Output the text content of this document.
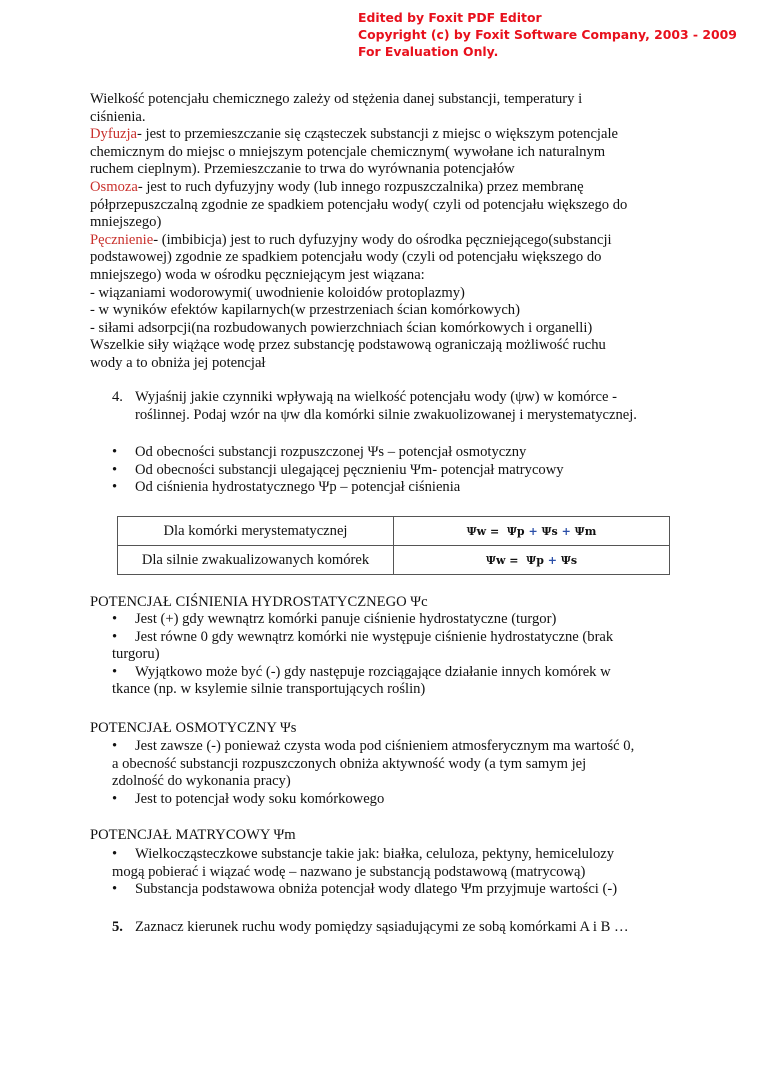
Edited by Foxit PDF Editor
Copyright (c) by Foxit Software Company, 2003 - 2009
For Evaluation Only.
Wielkość potencjału chemicznego zależy od stężenia danej substancji, temperatury i
ciśnienia.
Dyfuzja- jest to przemieszczanie się cząsteczek substancji z miejsc o większym potencjale
chemicznym do miejsc o mniejszym potencjale chemicznym( wywołane ich naturalnym
ruchem cieplnym). Przemieszczanie to trwa do wyrównania potencjałów
Osmoza- jest to ruch dyfuzyjny wody (lub innego rozpuszczalnika) przez membranę
półprzepuszczalną zgodnie ze spadkiem potencjału wody( czyli od potencjału większego do
mniejszego)
Pęcznienie- (imbibicja) jest to ruch dyfuzyjny wody do ośrodka pęczniejącego(substancji
podstawowej) zgodnie ze spadkiem potencjału wody (czyli od potencjału większego do
mniejszego) woda w ośrodku pęczniejącym jest wiązana:
- wiązaniami wodorowymi( uwodnienie koloidów protoplazmy)
- w wyników efektów kapilarnych(w przestrzeniach ścian komórkowych)
- siłami adsorpcji(na rozbudowanych powierzchniach ścian komórkowych i organelli)
Wszelkie siły wiążące wodę przez substancję podstawową ograniczają możliwość ruchu
wody a to obniża jej potencjał
4. Wyjaśnij jakie czynniki wpływają na wielkość potencjału wody (ψw) w komórce -
roślinnej. Podaj wzór na ψw dla komórki silnie zwakuolizowanej i merystematycznej.
• Od obecności substancji rozpuszczonej Ψs – potencjał osmotyczny
• Od obecności substancji ulegającej pęcznieniu Ψm- potencjał matrycowy
• Od ciśnienia hydrostatycznego Ψp – potencjał ciśnienia
Dla komórki merystematycznej	Ψw = Ψp + Ψs + Ψm
Dla silnie zwakualizowanych komórek	Ψw = Ψp + Ψs
POTENCJAŁ CIŚNIENIA HYDROSTATYCZNEGO Ψc
• Jest (+) gdy wewnątrz komórki panuje ciśnienie hydrostatyczne (turgor)
• Jest równe 0 gdy wewnątrz komórki nie występuje ciśnienie hydrostatyczne (brak
turgoru)
• Wyjątkowo może być (-) gdy następuje rozciągające działanie innych komórek w
tkance (np. w ksylemie silnie transportujących roślin)
POTENCJAŁ OSMOTYCZNY Ψs
• Jest zawsze (-) ponieważ czysta woda pod ciśnieniem atmosferycznym ma wartość 0,
a obecność substancji rozpuszczonych obniża aktywność wody (a tym samym jej
zdolność do wykonania pracy)
• Jest to potencjał wody soku komórkowego
POTENCJAŁ MATRYCOWY Ψm
• Wielkocząsteczkowe substancje takie jak: białka, celuloza, pektyny, hemicelulozy
mogą pobierać i wiązać wodę – nazwano je substancją podstawową (matrycową)
• Substancja podstawowa obniża potencjał wody dlatego Ψm przyjmuje wartości (-)
5. Zaznacz kierunek ruchu wody pomiędzy sąsiadującymi ze sobą komórkami A i B …
